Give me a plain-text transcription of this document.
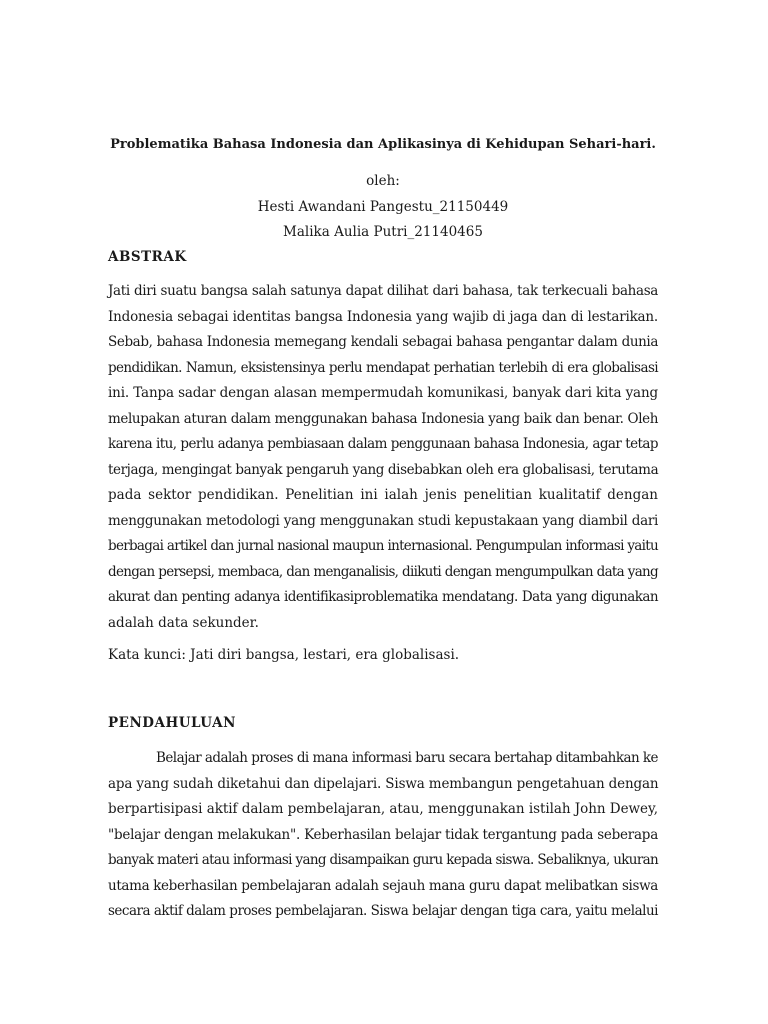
Problematika Bahasa Indonesia dan Aplikasinya di Kehidupan Sehari-hari.
oleh:
Hesti Awandani Pangestu_21150449
Malika Aulia Putri_21140465
ABSTRAK
Jati diri suatu bangsa salah satunya dapat dilihat dari bahasa, tak terkecuali bahasa
Indonesia sebagai identitas bangsa Indonesia yang wajib di jaga dan di lestarikan.
Sebab, bahasa Indonesia memegang kendali sebagai bahasa pengantar dalam dunia
pendidikan. Namun, eksistensinya perlu mendapat perhatian terlebih di era globalisasi
ini. Tanpa sadar dengan alasan mempermudah komunikasi, banyak dari kita yang
melupakan aturan dalam menggunakan bahasa Indonesia yang baik dan benar. Oleh
karena itu, perlu adanya pembiasaan dalam penggunaan bahasa Indonesia, agar tetap
terjaga, mengingat banyak pengaruh yang disebabkan oleh era globalisasi, terutama
pada sektor pendidikan. Penelitian ini ialah jenis penelitian kualitatif dengan
menggunakan metodologi yang menggunakan studi kepustakaan yang diambil dari
berbagai artikel dan jurnal nasional maupun internasional. Pengumpulan informasi yaitu
dengan persepsi, membaca, dan menganalisis, diikuti dengan mengumpulkan data yang
akurat dan penting adanya identifikasiproblematika mendatang. Data yang digunakan
adalah data sekunder.
Kata kunci: Jati diri bangsa, lestari, era globalisasi.
PENDAHULUAN
Belajar adalah proses di mana informasi baru secara bertahap ditambahkan ke
apa yang sudah diketahui dan dipelajari. Siswa membangun pengetahuan dengan
berpartisipasi aktif dalam pembelajaran, atau, menggunakan istilah John Dewey,
"belajar dengan melakukan". Keberhasilan belajar tidak tergantung pada seberapa
banyak materi atau informasi yang disampaikan guru kepada siswa. Sebaliknya, ukuran
utama keberhasilan pembelajaran adalah sejauh mana guru dapat melibatkan siswa
secara aktif dalam proses pembelajaran. Siswa belajar dengan tiga cara, yaitu melalui
